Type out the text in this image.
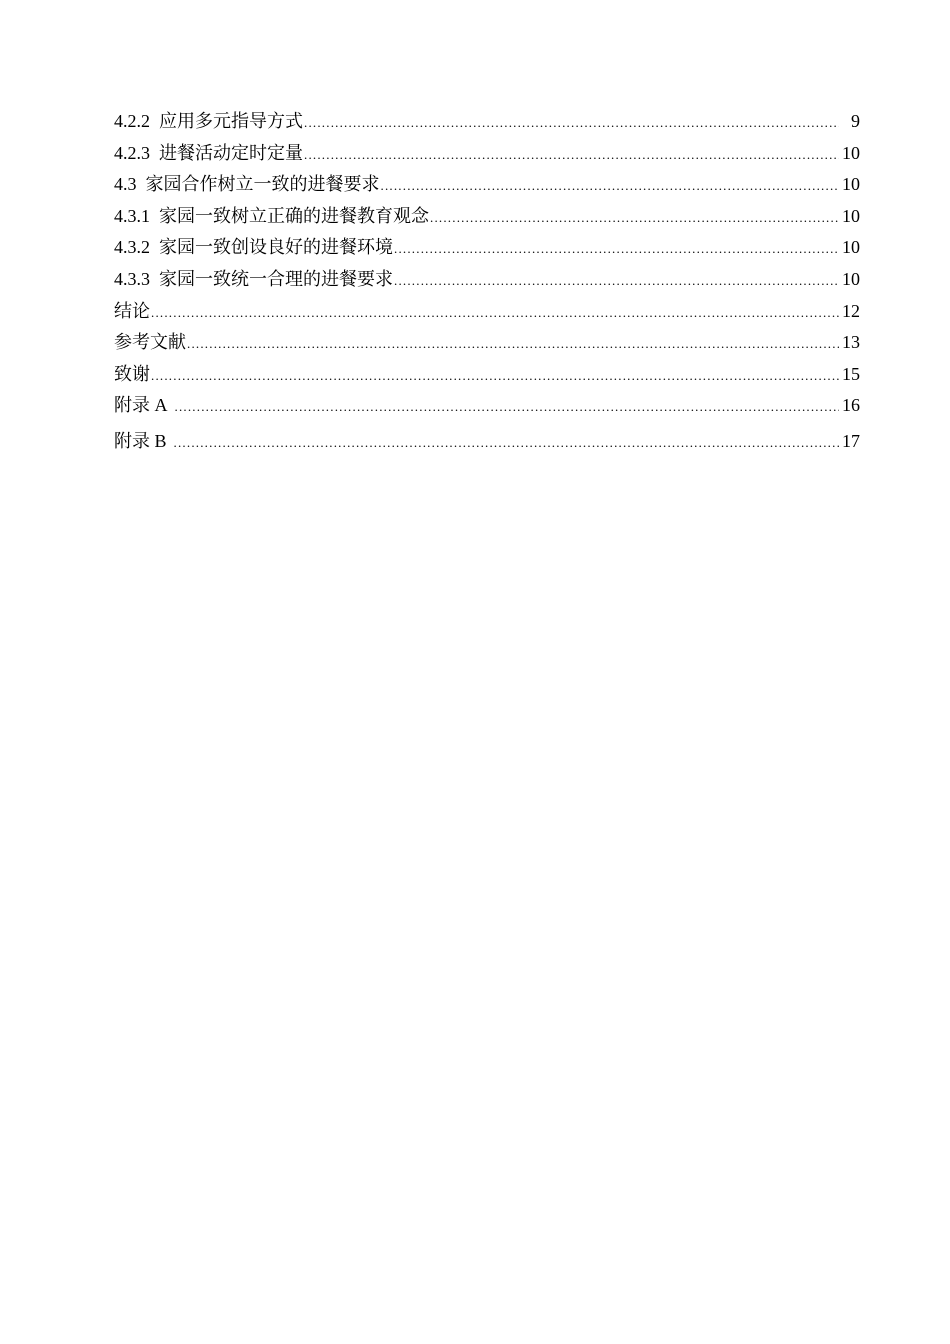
4.2.2 应用多元指导方式 .....	9
4.2.3 进餐活动定时定量 .....	10
4.3 家园合作树立一致的进餐要求 .....	10
4.3.1 家园一致树立正确的进餐教育观念 .....	10
4.3.2 家园一致创设良好的进餐环境 .....	10
4.3.3 家园一致统一合理的进餐要求 .....	10
结论 .....	12
参考文献 .....	13
致谢 .....	15
附录 A .....	16
附录 B .....	17
